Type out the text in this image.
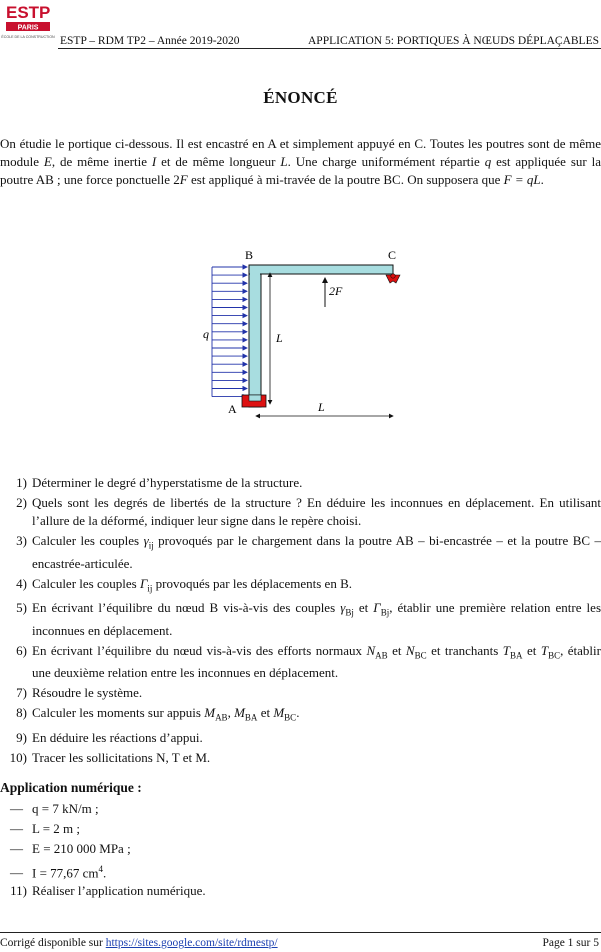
ESTP
PARIS
ÉCOLE DE LA CONSTRUCTION ESTP – RDM TP2 – Année 2019-2020	APPLICATION 5: PORTIQUES À NŒUDS DÉPLAÇABLES
ÉNONCÉ
On étudie le portique ci-dessous. Il est encastré en A et simplement appuyé en C. Toutes les poutres sont de même module E, de même inertie I et de même longueur L. Une charge uniformément répartie q est appliquée sur la poutre AB ; une force ponctuelle 2F est appliqué à mi-travée de la poutre BC. On supposera que F = qL.
B	C
A
q
2F
L
L
1) Déterminer le degré d’hyperstatisme de la structure.
2) Quels sont les degrés de libertés de la structure ? En déduire les inconnues en déplacement. En utilisant l’allure de la déformé, indiquer leur signe dans le repère choisi.
3) Calculer les couples $\gamma_{ij}$ provoqués par le chargement dans la poutre AB – bi-encastrée – et la poutre BC – encastrée-articulée.
4) Calculer les couples $\Gamma_{ij}$ provoqués par les déplacements en B.
5) En écrivant l’équilibre du nœud B vis-à-vis des couples $\gamma_{Bj}$ et $\Gamma_{Bj}$, établir une première relation entre les inconnues en déplacement.
6) En écrivant l’équilibre du nœud vis-à-vis des efforts normaux $N_{AB}$ et $N_{BC}$ et tranchants $T_{BA}$ et $T_{BC}$, établir une deuxième relation entre les inconnues en déplacement.
7) Résoudre le système.
8) Calculer les moments sur appuis $M_{AB}$, $M_{BA}$ et $M_{BC}$.
9) En déduire les réactions d’appui.
10) Tracer les sollicitations N, T et M.
Application numérique :
— q = 7 kN/m ;
— L = 2 m ;
— E = 210 000 MPa ;
— I = 77,67 $cm^4$.
11) Réaliser l’application numérique.
Corrigé disponible sur https://sites.google.com/site/rdmestp/	Page 1 sur 5
